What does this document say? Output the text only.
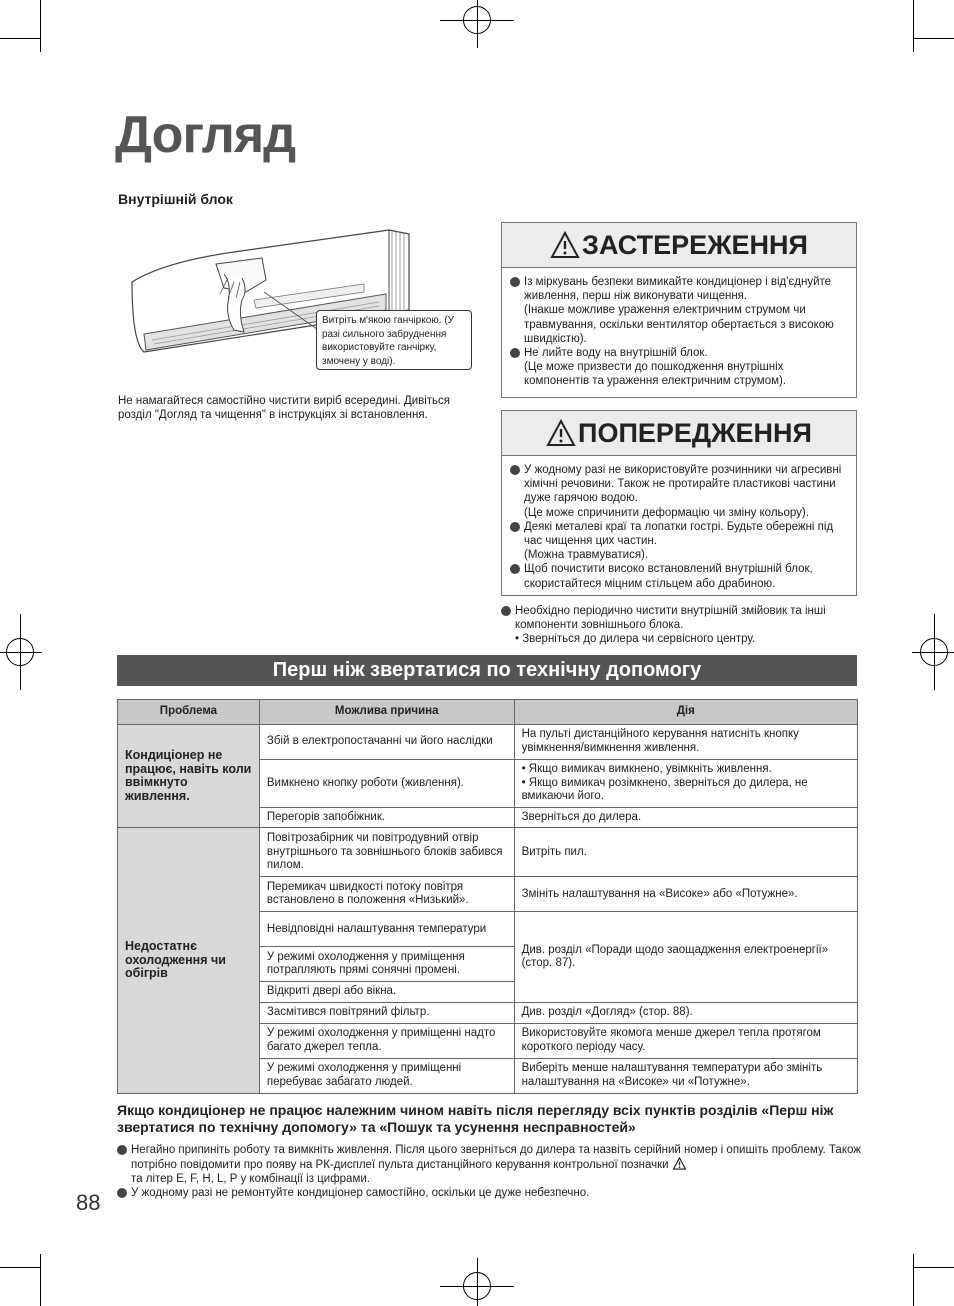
Догляд
Внутрішній блок
Витріть м'якою ганчіркою. (У разі сильного забруднення використовуйте ганчірку, змочену у воді).
Не намагайтеся самостійно чистити виріб всередині. Дивіться розділ "Догляд та чищення" в інструкціях зі встановлення.
ЗАСТЕРЕЖЕННЯ
Із міркувань безпеки вимикайте кондиціонер і від'єднуйте живлення, перш ніж виконувати чищення.
(Інакше можливе ураження електричним струмом чи травмування, оскільки вентилятор обертається з високою швидкістю).
Не лийте воду на внутрішній блок.
(Це може призвести до пошкодження внутрішніх компонентів та ураження електричним струмом).
ПОПЕРЕДЖЕННЯ
У жодному разі не використовуйте розчинники чи агресивні хімічні речовини. Також не протирайте пластикові частини дуже гарячою водою.
(Це може спричинити деформацію чи зміну кольору).
Деякі металеві краї та лопатки гострі. Будьте обережні під час чищення цих частин.
(Можна травмуватися).
Щоб почистити високо встановлений внутрішній блок, скористайтеся міцним стільцем або драбиною.
Необхідно періодично чистити внутрішній змійовик та інші компоненти зовнішнього блока.
• Зверніться до дилера чи сервісного центру.
Перш ніж звертатися по технічну допомогу
Проблема	Можлива причина	Дія
Кондиціонер не працює, навіть коли ввімкнуто живлення.	Збій в електропостачанні чи його наслідки	На пульті дистанційного керування натисніть кнопку увімкнення/вимкнення живлення.
	Вимкнено кнопку роботи (живлення).	• Якщо вимикач вимкнено, увімкніть живлення.
• Якщо вимикач розімкнено, зверніться до дилера, не вмикаючи його.

	Перегорів запобіжник.	Зверніться до дилера.
Недостатнє охолодження чи обігрів	Повітрозабірник чи повітродувний отвір внутрішнього та зовнішнього блоків забився пилом.	Витріть пил.
	Перемикач швидкості потоку повітря встановлено в положення «Низький».	Змініть налаштування на «Високе» або «Потужне».
	Невідповідні налаштування температури	Див. розділ «Поради щодо заощадження електроенергії» (стор. 87).
	У режимі охолодження у приміщення потрапляють прямі сонячні промені.	
	Відкриті двері або вікна.	
	Засмітився повітряний фільтр.	Див. розділ «Догляд» (стор. 88).
	У режимі охолодження у приміщенні надто багато джерел тепла.	Використовуйте якомога менше джерел тепла протягом короткого періоду часу.
	У режимі охолодження у приміщенні перебуває забагато людей.	Виберіть менше налаштування температури або змініть налаштування на «Високе» чи «Потужне».
Якщо кондиціонер не працює належним чином навіть після перегляду всіх пунктів розділів «Перш ніж звертатися по технічну допомогу» та «Пошук та усунення несправностей»
Негайно припиніть роботу та вимкніть живлення. Після цього зверніться до дилера та назвіть серійний номер і опишіть проблему. Також потрібно повідомити про появу на РК-дисплеї пульта дистанційного керування контрольної позначки
та літер E, F, H, L, P у комбінації із цифрами.
У жодному разі не ремонтуйте кондиціонер самостійно, оскільки це дуже небезпечно.
88
